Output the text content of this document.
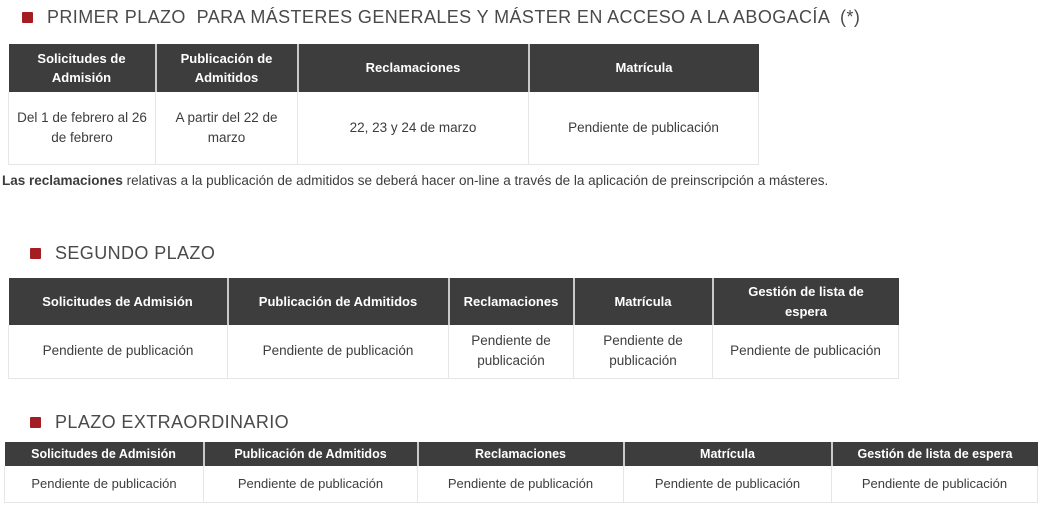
PRIMER PLAZO  PARA MÁSTERES GENERALES Y MÁSTER EN ACCESO A LA ABOGACÍA  (*)
Solicitudes de Admisión	Publicación de Admitidos	Reclamaciones	Matrícula
Del 1 de febrero al 26 de febrero	A partir del 22 de marzo	22, 23 y 24 de marzo	Pendiente de publicación
Las reclamaciones relativas a la publicación de admitidos se deberá hacer on-line a través de la aplicación de preinscripción a másteres.
SEGUNDO PLAZO
Solicitudes de Admisión	Publicación de Admitidos	Reclamaciones	Matrícula	Gestión de lista de espera
Pendiente de publicación	Pendiente de publicación	Pendiente de publicación	Pendiente de publicación	Pendiente de publicación
PLAZO EXTRAORDINARIO
Solicitudes de Admisión	Publicación de Admitidos	Reclamaciones	Matrícula	Gestión de lista de espera
Pendiente de publicación	Pendiente de publicación	Pendiente de publicación	Pendiente de publicación	Pendiente de publicación
